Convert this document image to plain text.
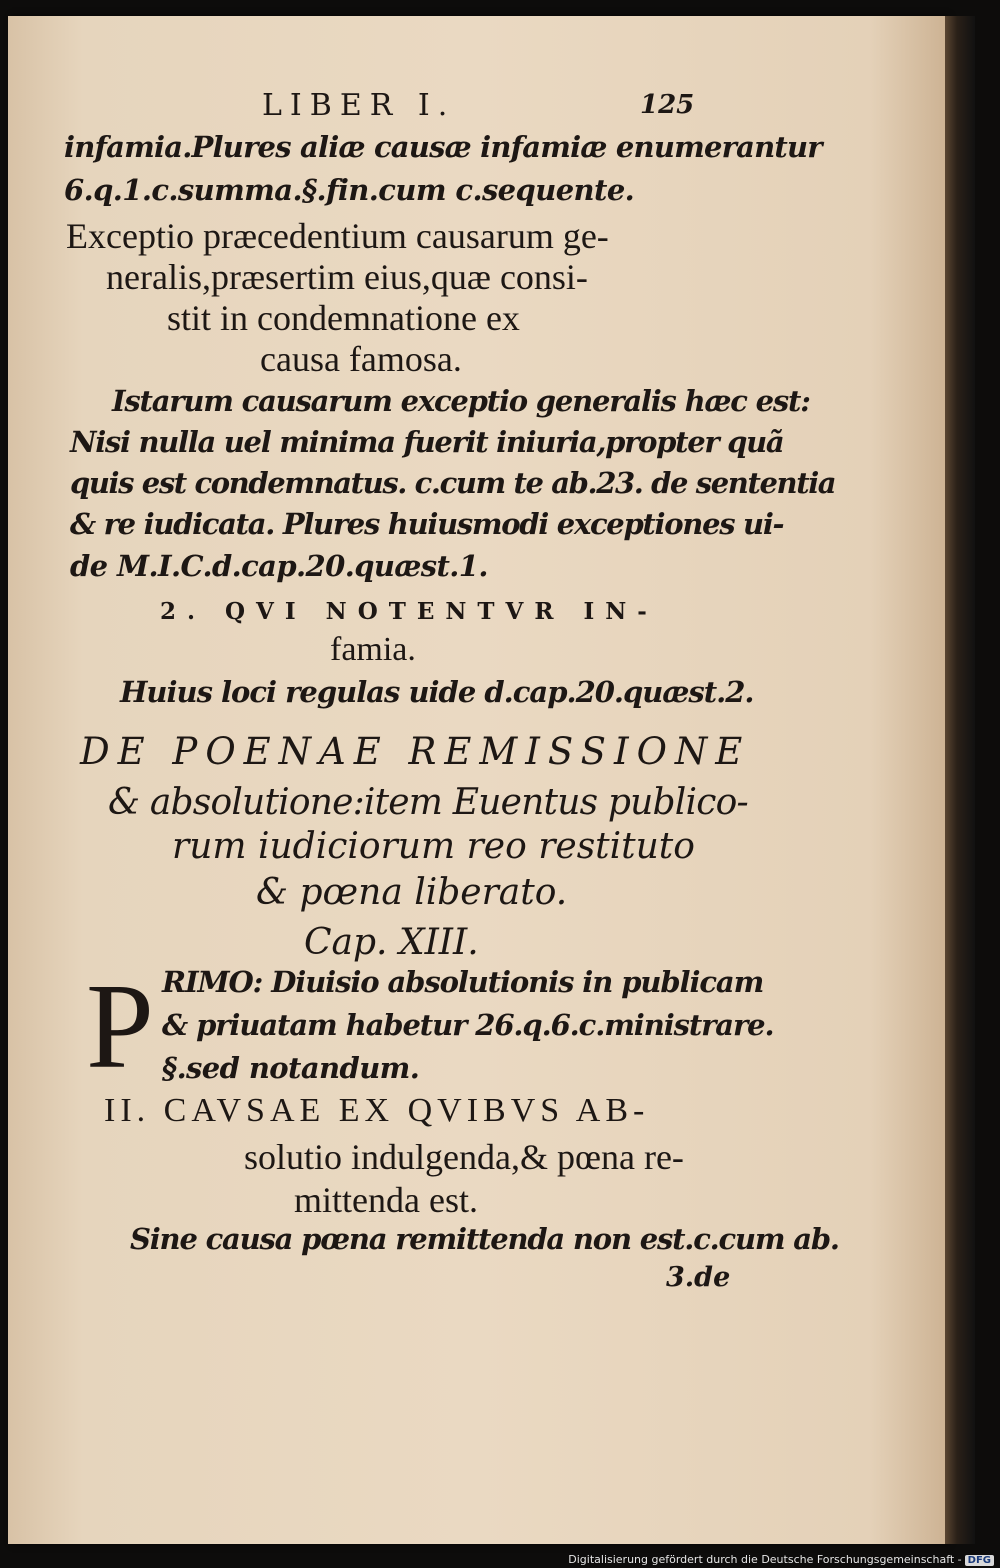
LIBER I.	125
infamia.Plures aliæ causæ infamiæ enumerantur
6.q.1.c.summa.§.fin.cum c.sequente.
Exceptio præcedentium causarum ge-
neralis,præsertim eius,quæ consi-
stit in condemnatione ex
causa famosa.
Istarum causarum exceptio generalis hæc est:
Nisi nulla uel minima fuerit iniuria,propter quã
quis est condemnatus. c.cum te ab.23. de sententia
& re iudicata. Plures huiusmodi exceptiones ui-
de M.I.C.d.cap.20.quæst.1.
2. QVI NOTENTVR IN-
famia.
Huius loci regulas uide d.cap.20.quæst.2.
DE POENAE REMISSIONE
& absolutione:item Euentus publico-
rum iudiciorum reo restituto
& pœna liberato.
Cap. XIII.
P RIMO: Diuisio absolutionis in publicam
& priuatam habetur 26.q.6.c.ministrare.
§.sed notandum.
II. CAVSAE EX QVIBVS AB-
solutio indulgenda,& pœna re-
mittenda est.
Sine causa pœna remittenda non est.c.cum ab.
3.de
Digitalisierung gefördert durch die Deutsche Forschungsgemeinschaft - DFG
